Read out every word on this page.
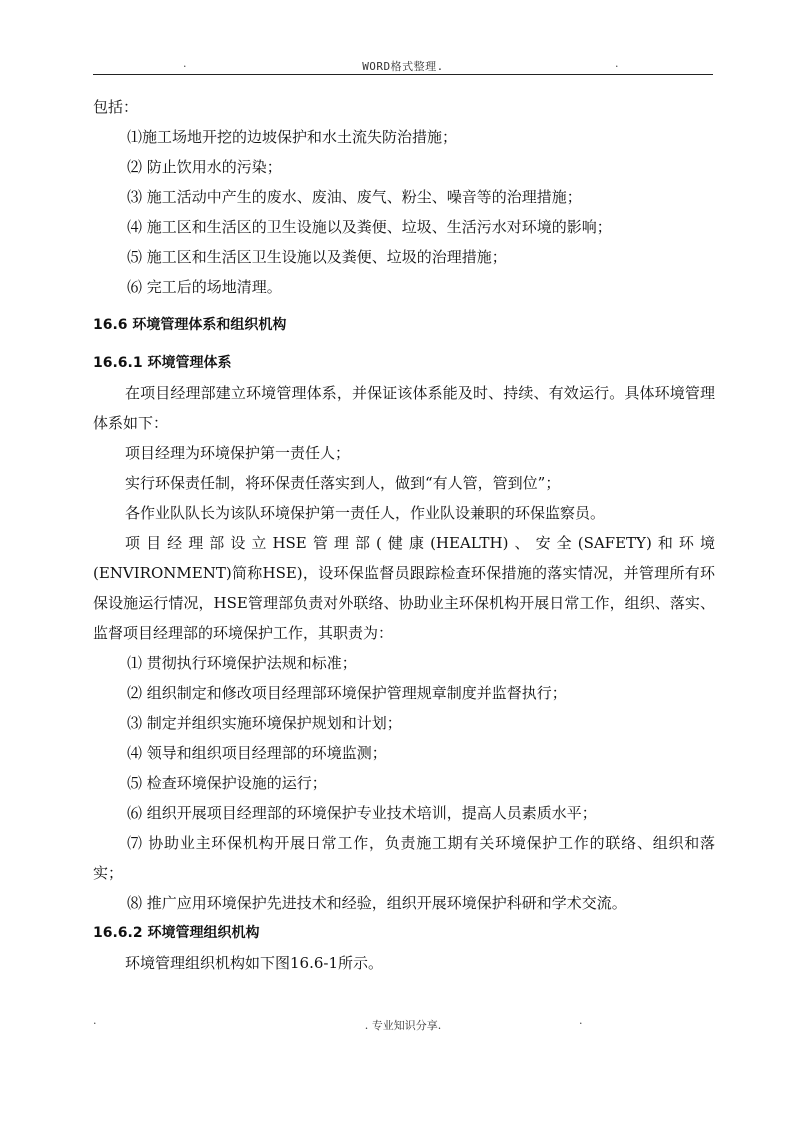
.	WORD格式整理.	.

包括：

⑴施工场地开挖的边坡保护和水土流失防治措施；

⑵ 防止饮用水的污染；

⑶ 施工活动中产生的废水、废油、废气、粉尘、噪音等的治理措施；

⑷ 施工区和生活区的卫生设施以及粪便、垃圾、生活污水对环境的影响；

⑸ 施工区和生活区卫生设施以及粪便、垃圾的治理措施；

⑹ 完工后的场地清理。

16.6 环境管理体系和组织机构

16.6.1 环境管理体系

在项目经理部建立环境管理体系，并保证该体系能及时、持续、有效运行。具体环境管理体系如下：

项目经理为环境保护第一责任人；

实行环保责任制，将环保责任落实到人，做到“有人管，管到位”；

各作业队队长为该队环境保护第一责任人，作业队设兼职的环保监察员。

项目经理部设立HSE管理部(健康(HEALTH)、安全(SAFETY)和环境(ENVIRONMENT)简称HSE)，设环保监督员跟踪检查环保措施的落实情况，并管理所有环保设施运行情况，HSE管理部负责对外联络、协助业主环保机构开展日常工作，组织、落实、监督项目经理部的环境保护工作，其职责为：

⑴ 贯彻执行环境保护法规和标准；

⑵ 组织制定和修改项目经理部环境保护管理规章制度并监督执行；

⑶ 制定并组织实施环境保护规划和计划；

⑷ 领导和组织项目经理部的环境监测；

⑸ 检查环境保护设施的运行；

⑹ 组织开展项目经理部的环境保护专业技术培训，提高人员素质水平；

⑺ 协助业主环保机构开展日常工作，负责施工期有关环境保护工作的联络、组织和落实；

⑻ 推广应用环境保护先进技术和经验，组织开展环境保护科研和学术交流。

16.6.2 环境管理组织机构

环境管理组织机构如下图16.6-1所示。

.	. 专业知识分享.	.
